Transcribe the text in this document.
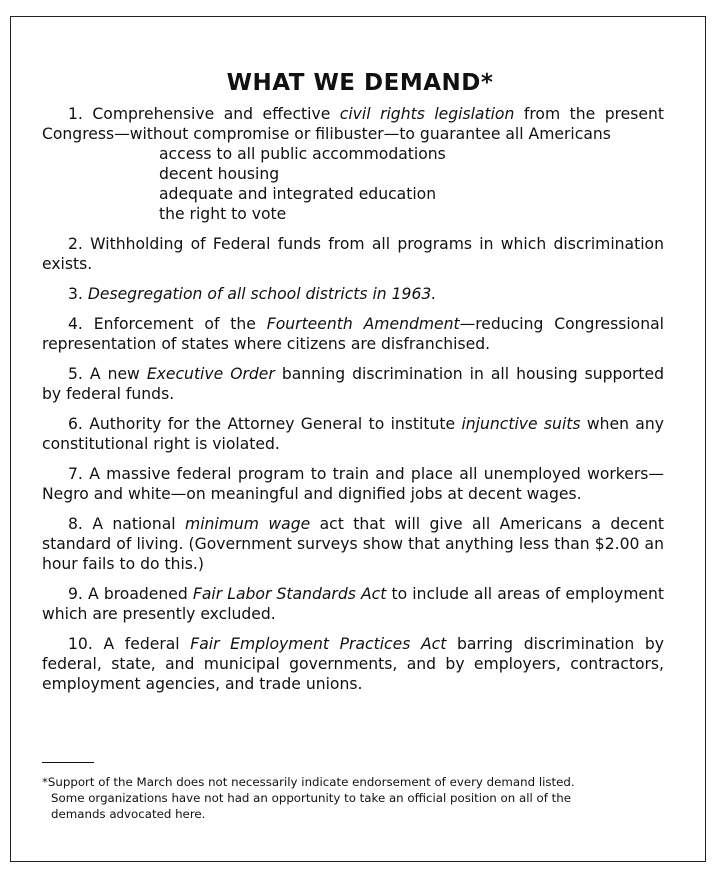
WHAT WE DEMAND*

1. Comprehensive and effective civil rights legislation from the present Congress—without compromise or filibuster—to guarantee all Americans

access to all public accommodations
decent housing
adequate and integrated education
the right to vote

2. Withholding of Federal funds from all programs in which discrimination exists.

3. Desegregation of all school districts in 1963.

4. Enforcement of the Fourteenth Amendment—reducing Congressional representation of states where citizens are disfranchised.

5. A new Executive Order banning discrimination in all housing supported by federal funds.

6. Authority for the Attorney General to institute injunctive suits when any constitutional right is violated.

7. A massive federal program to train and place all unemployed workers—Negro and white—on meaningful and dignified jobs at decent wages.

8. A national minimum wage act that will give all Americans a decent standard of living. (Government surveys show that anything less than $2.00 an hour fails to do this.)

9. A broadened Fair Labor Standards Act to include all areas of employment which are presently excluded.

10. A federal Fair Employment Practices Act barring discrimination by federal, state, and municipal governments, and by employers, contractors, employment agencies, and trade unions.

*Support of the March does not necessarily indicate endorsement of every demand listed.

Some organizations have not had an opportunity to take an official position on all of the

demands advocated here.
